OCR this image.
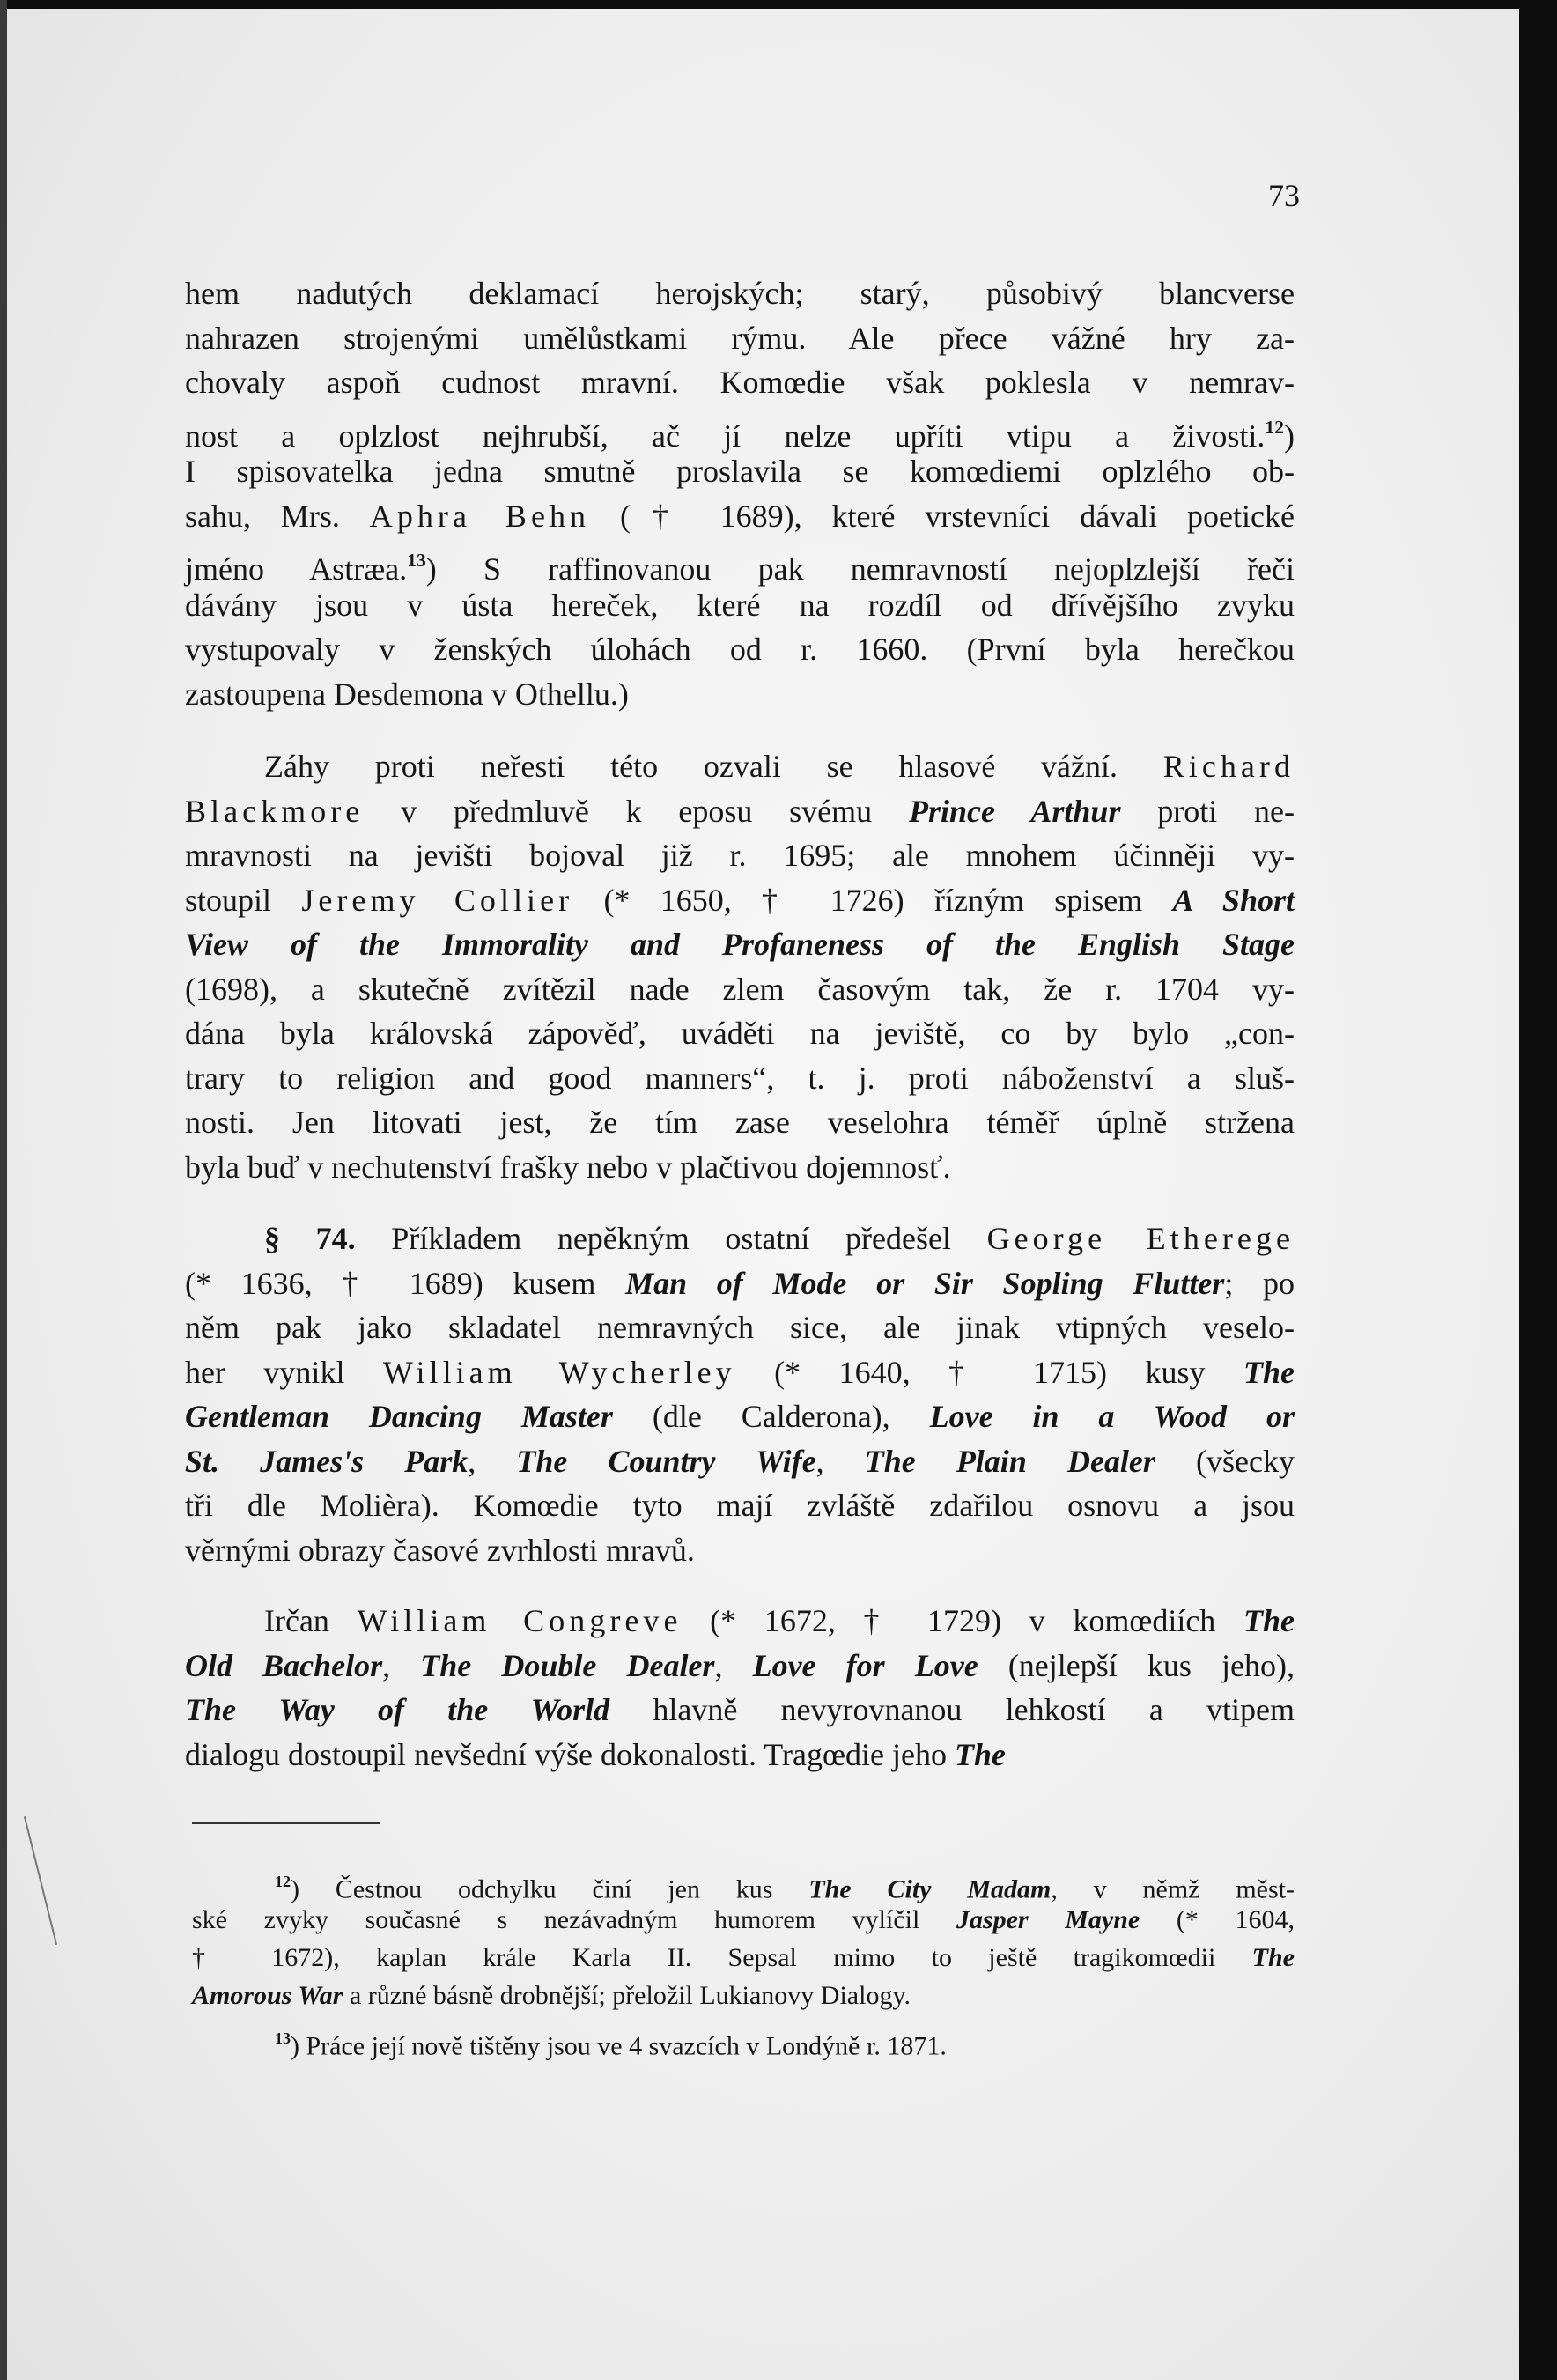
73
hem nadutých deklamací herojských; starý, působivý blancverse
nahrazen strojenými umělůstkami rýmu. Ale přece vážné hry za-
chovaly aspoň cudnost mravní. Komœdie však poklesla v nemrav-
nost a oplzlost nejhrubší, ač jí nelze upříti vtipu a živosti.$^{12}$)
I spisovatelka jedna smutně proslavila se komœdiemi oplzlého ob-
sahu, Mrs. Aphra Behn († 1689), které vrstevníci dávali poetické
jméno Astræa.$^{13}$) S raffinovanou pak nemravností nejoplzlejší řeči
dávány jsou v ústa hereček, které na rozdíl od dřívějšího zvyku
vystupovaly v ženských úlohách od r. 1660. (První byla herečkou
zastoupena Desdemona v Othellu.)
Záhy proti neřesti této ozvali se hlasové vážní. Richard
Blackmore v předmluvě k eposu svému Prince Arthur proti ne-
mravnosti na jevišti bojoval již r. 1695; ale mnohem účinněji vy-
stoupil Jeremy Collier (* 1650, † 1726) řízným spisem A Short
View of the Immorality and Profaneness of the English Stage
(1698), a skutečně zvítězil nade zlem časovým tak, že r. 1704 vy-
dána byla královská zápověď, uváděti na jeviště, co by bylo „con-
trary to religion and good manners“, t. j. proti náboženství a sluš-
nosti. Jen litovati jest, že tím zase veselohra téměř úplně stržena
byla buď v nechutenství frašky nebo v plačtivou dojemnosť.
§ 74. Příkladem nepěkným ostatní předešel George Etherege
(* 1636, † 1689) kusem Man of Mode or Sir Sopling Flutter; po
něm pak jako skladatel nemravných sice, ale jinak vtipných veselo-
her vynikl William Wycherley (* 1640, † 1715) kusy The
Gentleman Dancing Master (dle Calderona), Love in a Wood or
St. James's Park, The Country Wife, The Plain Dealer (všecky
tři dle Molièra). Komœdie tyto mají zvláště zdařilou osnovu a jsou
věrnými obrazy časové zvrhlosti mravů.
Irčan William Congreve (* 1672, † 1729) v komœdiích The
Old Bachelor, The Double Dealer, Love for Love (nejlepší kus jeho),
The Way of the World hlavně nevyrovnanou lehkostí a vtipem
dialogu dostoupil nevšední výše dokonalosti. Tragœdie jeho The
$^{12}$) Čestnou odchylku činí jen kus The City Madam, v němž měst-
ské zvyky současné s nezávadným humorem vylíčil Jasper Mayne (* 1604,
† 1672), kaplan krále Karla II. Sepsal mimo to ještě tragikomœdii The
Amorous War a různé básně drobnější; přeložil Lukianovy Dialogy.
$^{13}$) Práce její nově tištěny jsou ve 4 svazcích v Londýně r. 1871.
